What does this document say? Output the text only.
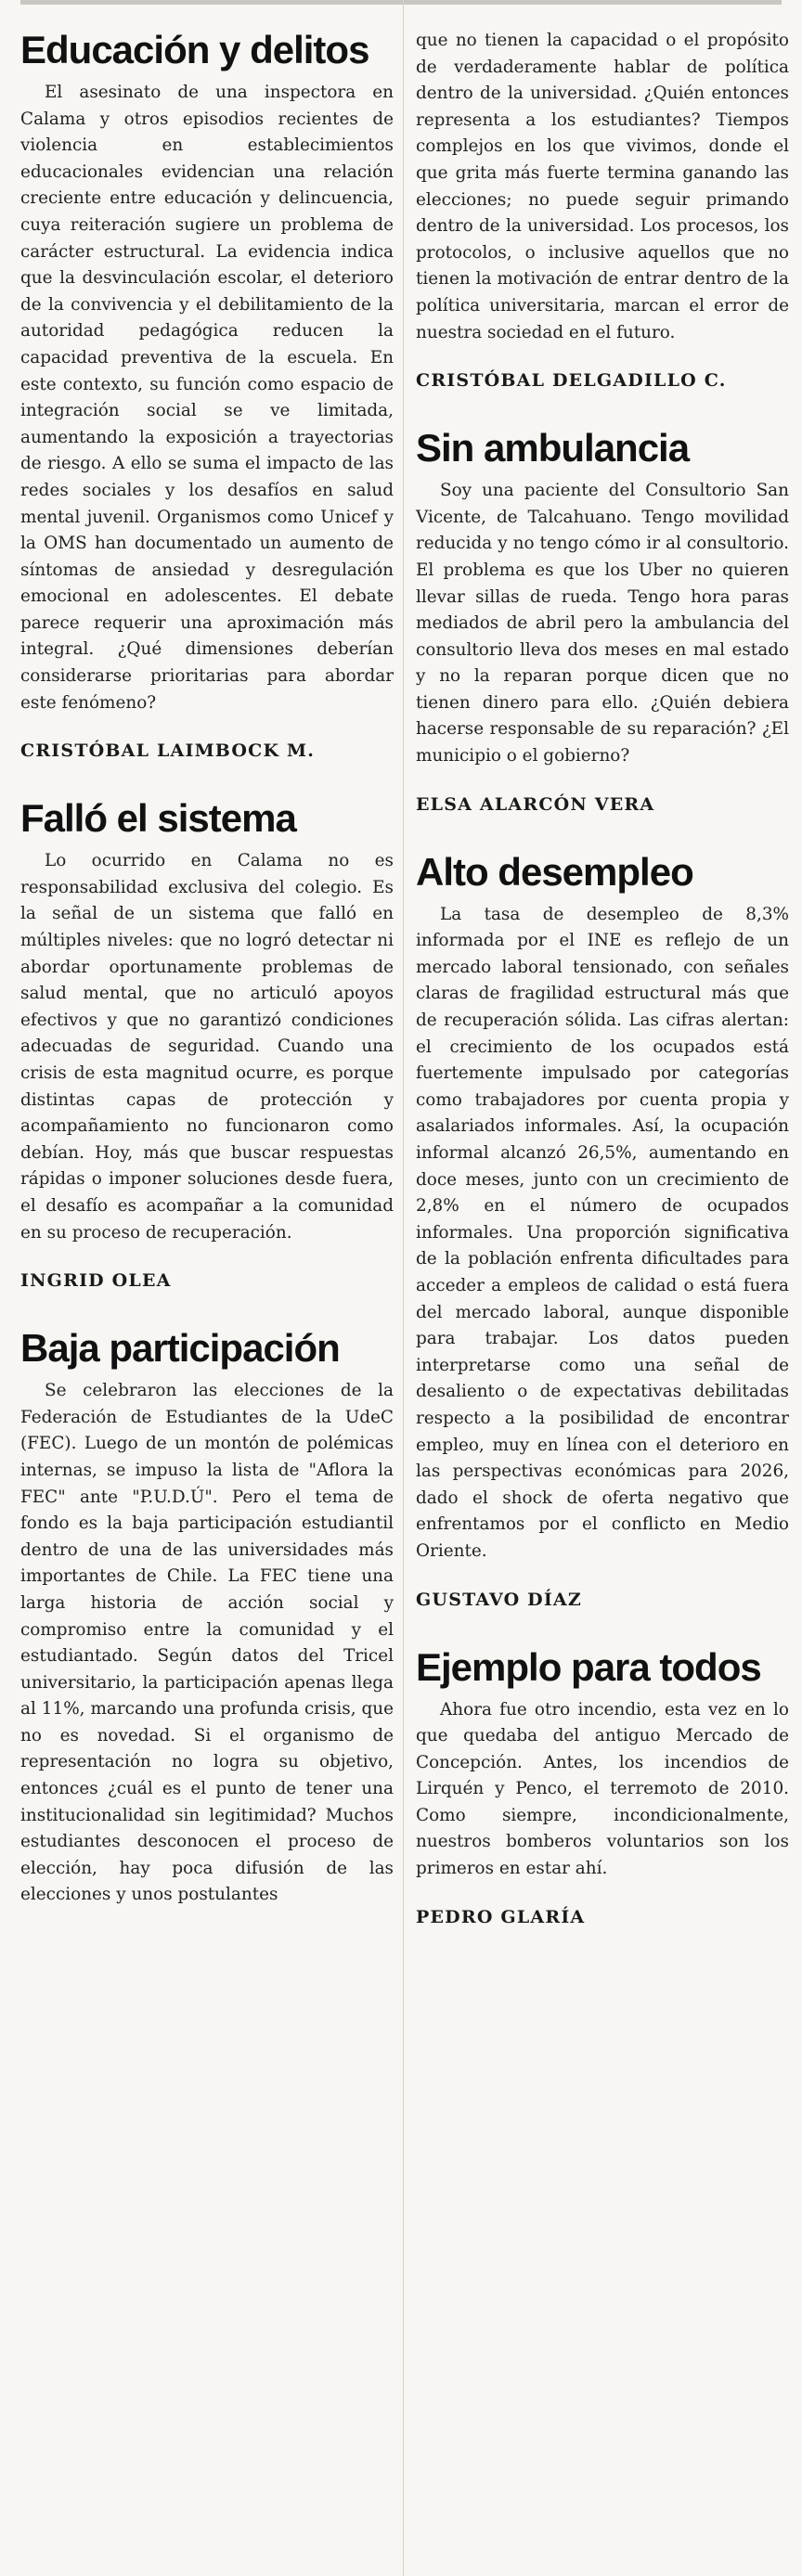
Educación y delitos

El asesinato de una inspectora en Calama y otros episodios recientes de violencia en establecimientos educacionales evidencian una relación creciente entre educación y delincuencia, cuya reiteración sugiere un problema de carácter estructural. La evidencia indica que la desvinculación escolar, el deterioro de la convivencia y el debilitamiento de la autoridad pedagógica reducen la capacidad preventiva de la escuela. En este contexto, su función como espacio de integración social se ve limitada, aumentando la exposición a trayectorias de riesgo. A ello se suma el impacto de las redes sociales y los desafíos en salud mental juvenil. Organismos como Unicef y la OMS han documentado un aumento de síntomas de ansiedad y desregulación emocional en adolescentes. El debate parece requerir una aproximación más integral. ¿Qué dimensiones deberían considerarse prioritarias para abordar este fenómeno?

CRISTÓBAL LAIMBOCK M.

Falló el sistema

Lo ocurrido en Calama no es responsabilidad exclusiva del colegio. Es la señal de un sistema que falló en múltiples niveles: que no logró detectar ni abordar oportunamente problemas de salud mental, que no articuló apoyos efectivos y que no garantizó condiciones adecuadas de seguridad. Cuando una crisis de esta magnitud ocurre, es porque distintas capas de protección y acompañamiento no funcionaron como debían. Hoy, más que buscar respuestas rápidas o imponer soluciones desde fuera, el desafío es acompañar a la comunidad en su proceso de recuperación.

INGRID OLEA

Baja participación

Se celebraron las elecciones de la Federación de Estudiantes de la UdeC (FEC). Luego de un montón de polémicas internas, se impuso la lista de "Aflora la FEC" ante "P.U.D.Ú". Pero el tema de fondo es la baja participación estudiantil dentro de una de las universidades más importantes de Chile. La FEC tiene una larga historia de acción social y compromiso entre la comunidad y el estudiantado. Según datos del Tricel universitario, la participación apenas llega al 11%, marcando una profunda crisis, que no es novedad. Si el organismo de representación no logra su objetivo, entonces ¿cuál es el punto de tener una institucionalidad sin legitimidad? Muchos estudiantes desconocen el proceso de elección, hay poca difusión de las elecciones y unos postulantes

que no tienen la capacidad o el propósito de verdaderamente hablar de política dentro de la universidad. ¿Quién entonces representa a los estudiantes? Tiempos complejos en los que vivimos, donde el que grita más fuerte termina ganando las elecciones; no puede seguir primando dentro de la universidad. Los procesos, los protocolos, o inclusive aquellos que no tienen la motivación de entrar dentro de la política universitaria, marcan el error de nuestra sociedad en el futuro.

CRISTÓBAL DELGADILLO C.

Sin ambulancia

Soy una paciente del Consultorio San Vicente, de Talcahuano. Tengo movilidad reducida y no tengo cómo ir al consultorio. El problema es que los Uber no quieren llevar sillas de rueda. Tengo hora paras mediados de abril pero la ambulancia del consultorio lleva dos meses en mal estado y no la reparan porque dicen que no tienen dinero para ello. ¿Quién debiera hacerse responsable de su reparación? ¿El municipio o el gobierno?

ELSA ALARCÓN VERA

Alto desempleo

La tasa de desempleo de 8,3% informada por el INE es reflejo de un mercado laboral tensionado, con señales claras de fragilidad estructural más que de recuperación sólida. Las cifras alertan: el crecimiento de los ocupados está fuertemente impulsado por categorías como trabajadores por cuenta propia y asalariados informales. Así, la ocupación informal alcanzó 26,5%, aumentando en doce meses, junto con un crecimiento de 2,8% en el número de ocupados informales. Una proporción significativa de la población enfrenta dificultades para acceder a empleos de calidad o está fuera del mercado laboral, aunque disponible para trabajar. Los datos pueden interpretarse como una señal de desaliento o de expectativas debilitadas respecto a la posibilidad de encontrar empleo, muy en línea con el deterioro en las perspectivas económicas para 2026, dado el shock de oferta negativo que enfrentamos por el conflicto en Medio Oriente.

GUSTAVO DÍAZ

Ejemplo para todos

Ahora fue otro incendio, esta vez en lo que quedaba del antiguo Mercado de Concepción. Antes, los incendios de Lirquén y Penco, el terremoto de 2010. Como siempre, incondicionalmente, nuestros bomberos voluntarios son los primeros en estar ahí.

PEDRO GLARÍA
